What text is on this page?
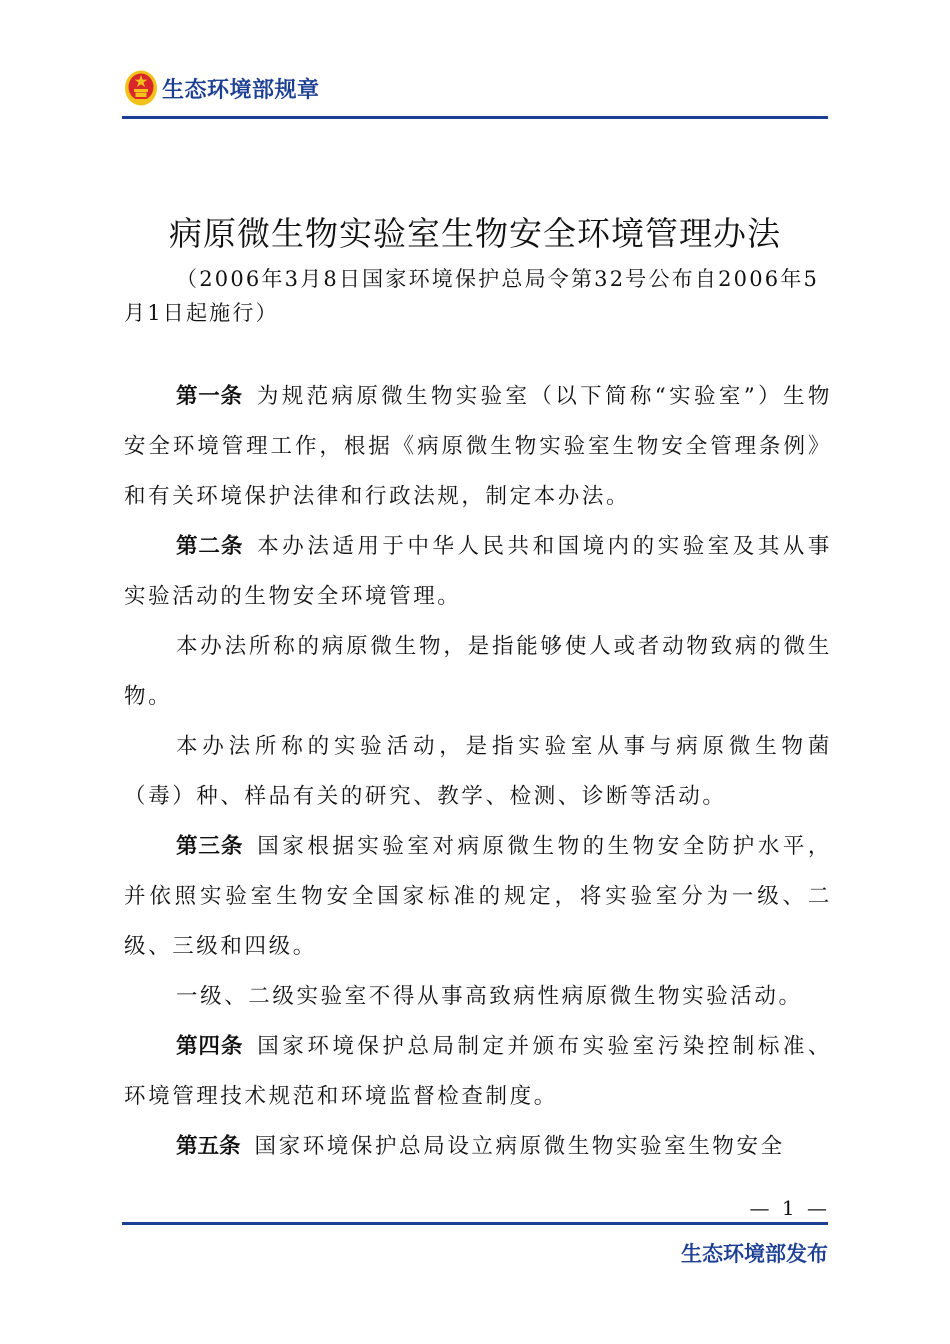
生态环境部规章
病原微生物实验室生物安全环境管理办法
（2006年3月8日国家环境保护总局令第32号公布自2006年5月1日起施行）

第一条 为规范病原微生物实验室（以下简称“实验室”）生物安全环境管理工作，根据《病原微生物实验室生物安全管理条例》和有关环境保护法律和行政法规，制定本办法。

第二条 本办法适用于中华人民共和国境内的实验室及其从事实验活动的生物安全环境管理。

本办法所称的病原微生物，是指能够使人或者动物致病的微生物。

本办法所称的实验活动，是指实验室从事与病原微生物菌（毒）种、样品有关的研究、教学、检测、诊断等活动。

第三条 国家根据实验室对病原微生物的生物安全防护水平，并依照实验室生物安全国家标准的规定，将实验室分为一级、二级、三级和四级。

一级、二级实验室不得从事高致病性病原微生物实验活动。

第四条 国家环境保护总局制定并颁布实验室污染控制标准、环境管理技术规范和环境监督检查制度。

第五条 国家环境保护总局设立病原微生物实验室生物安全

— 1 —
生态环境部发布
